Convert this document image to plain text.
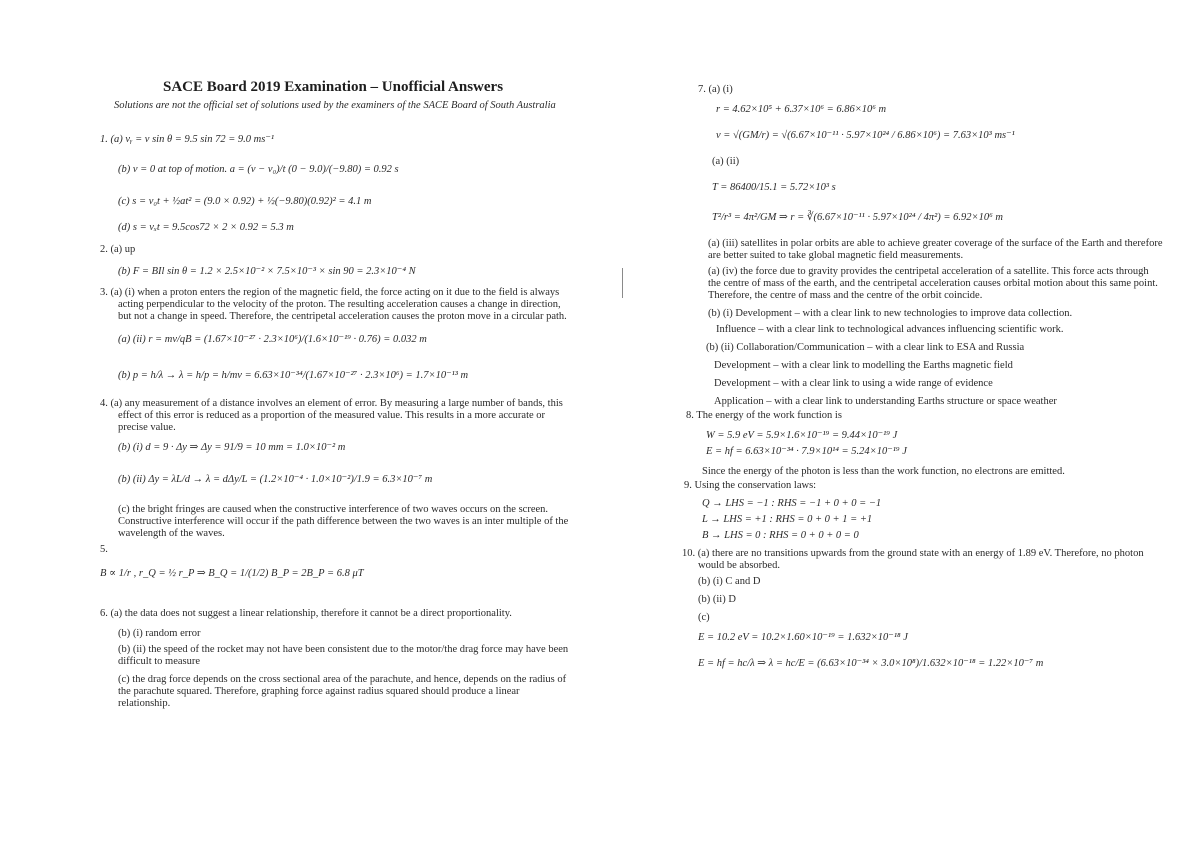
SACE Board 2019 Examination – Unofficial Answers
Solutions are not the official set of solutions used by the examiners of the SACE Board of South Australia
1. (a) vᵧ = v sin θ = 9.5 sin 72 = 9.0 ms⁻¹
(b) v = 0 at top of motion. a = (v − v₀)/t (0 − 9.0)/(−9.80) = 0.92 s
(c) s = v₀t + ½at² = (9.0 × 0.92) + ½(−9.80)(0.92)² = 4.1 m
(d) s = vₓt = 9.5cos72 × 2 × 0.92 = 5.3 m
2. (a) up
(b) F = BIl sin θ = 1.2 × 2.5×10⁻² × 7.5×10⁻³ × sin 90 = 2.3×10⁻⁴ N
3. (a) (i) when a proton enters the region of the magnetic field, the force acting on it due to the field is always
acting perpendicular to the velocity of the proton. The resulting acceleration causes a change in direction,
but not a change in speed. Therefore, the centripetal acceleration causes the proton move in a circular path.
(a) (ii) r = mv/qB = (1.67×10⁻²⁷ · 2.3×10⁶)/(1.6×10⁻¹⁹ · 0.76) = 0.032 m
(b) p = h/λ → λ = h/p = h/mv = 6.63×10⁻³⁴/(1.67×10⁻²⁷ · 2.3×10⁶) = 1.7×10⁻¹³ m
4. (a) any measurement of a distance involves an element of error. By measuring a large number of bands, this
effect of this error is reduced as a proportion of the measured value. This results in a more accurate or
precise value.
(b) (i) d = 9 · Δy ⇒ Δy = 91/9 = 10 mm = 1.0×10⁻² m
(b) (ii) Δy = λL/d → λ = dΔy/L = (1.2×10⁻⁴ · 1.0×10⁻²)/1.9 = 6.3×10⁻⁷ m
(c) the bright fringes are caused when the constructive interference of two waves occurs on the screen.
Constructive interference will occur if the path difference between the two waves is an inter multiple of the
wavelength of the waves.
5.
B ∝ 1/r , r_Q = ½ r_P ⇒ B_Q = 1/(1/2) B_P = 2B_P = 6.8 μT
6. (a) the data does not suggest a linear relationship, therefore it cannot be a direct proportionality.
(b) (i) random error
(b) (ii) the speed of the rocket may not have been consistent due to the motor/the drag force may have been
difficult to measure
(c) the drag force depends on the cross sectional area of the parachute, and hence, depends on the radius of
the parachute squared. Therefore, graphing force against radius squared should produce a linear
relationship.
7. (a) (i)
r = 4.62×10⁵ + 6.37×10⁶ = 6.86×10⁶ m
v = √(GM/r) = √(6.67×10⁻¹¹ · 5.97×10²⁴ / 6.86×10⁶) = 7.63×10³ ms⁻¹
(a) (ii)
T = 86400/15.1 = 5.72×10³ s
T²/r³ = 4π²/GM ⇒ r = ∛(6.67×10⁻¹¹ · 5.97×10²⁴ / 4π²) = 6.92×10⁶ m
(a) (iii) satellites in polar orbits are able to achieve greater coverage of the surface of the Earth and therefore
are better suited to take global magnetic field measurements.
(a) (iv) the force due to gravity provides the centripetal acceleration of a satellite. This force acts through
the centre of mass of the earth, and the centripetal acceleration causes orbital motion about this same point.
Therefore, the centre of mass and the centre of the orbit coincide.
(b) (i) Development – with a clear link to new technologies to improve data collection.
Influence – with a clear link to technological advances influencing scientific work.
(b) (ii) Collaboration/Communication – with a clear link to ESA and Russia
Development – with a clear link to modelling the Earths magnetic field
Development – with a clear link to using a wide range of evidence
Application – with a clear link to understanding Earths structure or space weather
8. The energy of the work function is
W = 5.9 eV = 5.9×1.6×10⁻¹⁹ = 9.44×10⁻¹⁹ J
E = hf = 6.63×10⁻³⁴ · 7.9×10¹⁴ = 5.24×10⁻¹⁹ J
Since the energy of the photon is less than the work function, no electrons are emitted.
9. Using the conservation laws:
Q → LHS = −1 : RHS = −1 + 0 + 0 = −1
L → LHS = +1 : RHS = 0 + 0 + 1 = +1
B → LHS = 0 : RHS = 0 + 0 + 0 = 0
10. (a) there are no transitions upwards from the ground state with an energy of 1.89 eV. Therefore, no photon
would be absorbed.
(b) (i) C and D
(b) (ii) D
(c)
E = 10.2 eV = 10.2×1.60×10⁻¹⁹ = 1.632×10⁻¹⁸ J
E = hf = hc/λ ⇒ λ = hc/E = (6.63×10⁻³⁴ × 3.0×10⁸)/1.632×10⁻¹⁸ = 1.22×10⁻⁷ m
